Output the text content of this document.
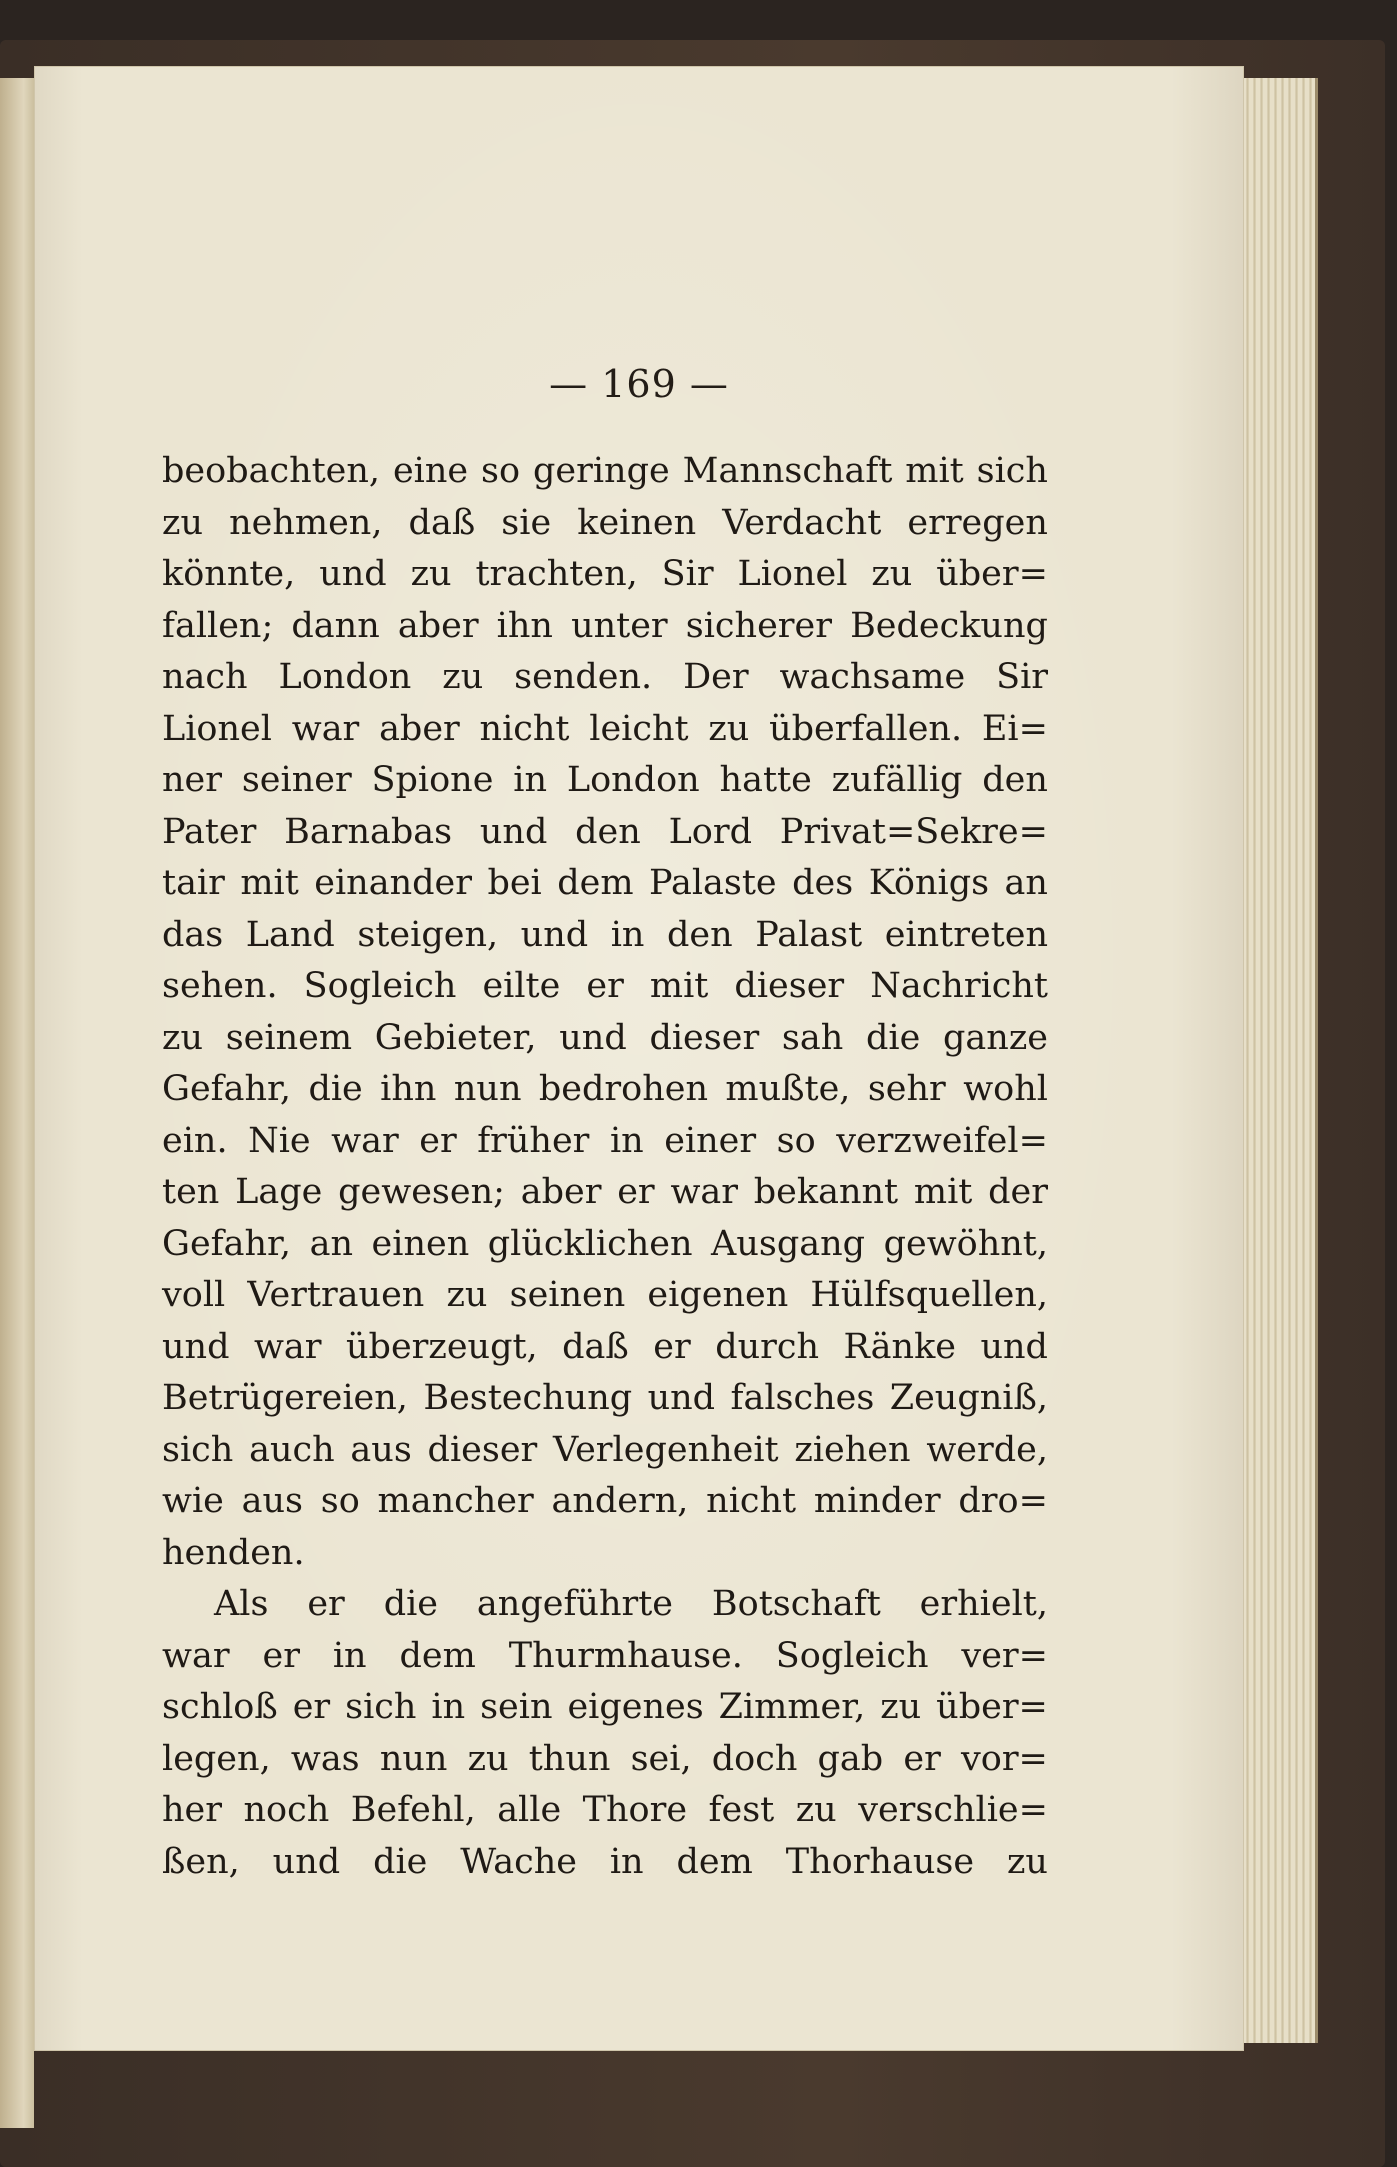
— 169 —
beobachten, eine so geringe Mannschaft mit sich
zu nehmen, daß sie keinen Verdacht erregen
könnte, und zu trachten, Sir Lionel zu über=
fallen; dann aber ihn unter sicherer Bedeckung
nach London zu senden. Der wachsame Sir
Lionel war aber nicht leicht zu überfallen. Ei=
ner seiner Spione in London hatte zufällig den
Pater Barnabas und den Lord Privat=Sekre=
tair mit einander bei dem Palaste des Königs an
das Land steigen, und in den Palast eintreten
sehen. Sogleich eilte er mit dieser Nachricht
zu seinem Gebieter, und dieser sah die ganze
Gefahr, die ihn nun bedrohen mußte, sehr wohl
ein. Nie war er früher in einer so verzweifel=
ten Lage gewesen; aber er war bekannt mit der
Gefahr, an einen glücklichen Ausgang gewöhnt,
voll Vertrauen zu seinen eigenen Hülfsquellen,
und war überzeugt, daß er durch Ränke und
Betrügereien, Bestechung und falsches Zeugniß,
sich auch aus dieser Verlegenheit ziehen werde,
wie aus so mancher andern, nicht minder dro=
henden.
Als er die angeführte Botschaft erhielt,
war er in dem Thurmhause. Sogleich ver=
schloß er sich in sein eigenes Zimmer, zu über=
legen, was nun zu thun sei, doch gab er vor=
her noch Befehl, alle Thore fest zu verschlie=
ßen, und die Wache in dem Thorhause zu
